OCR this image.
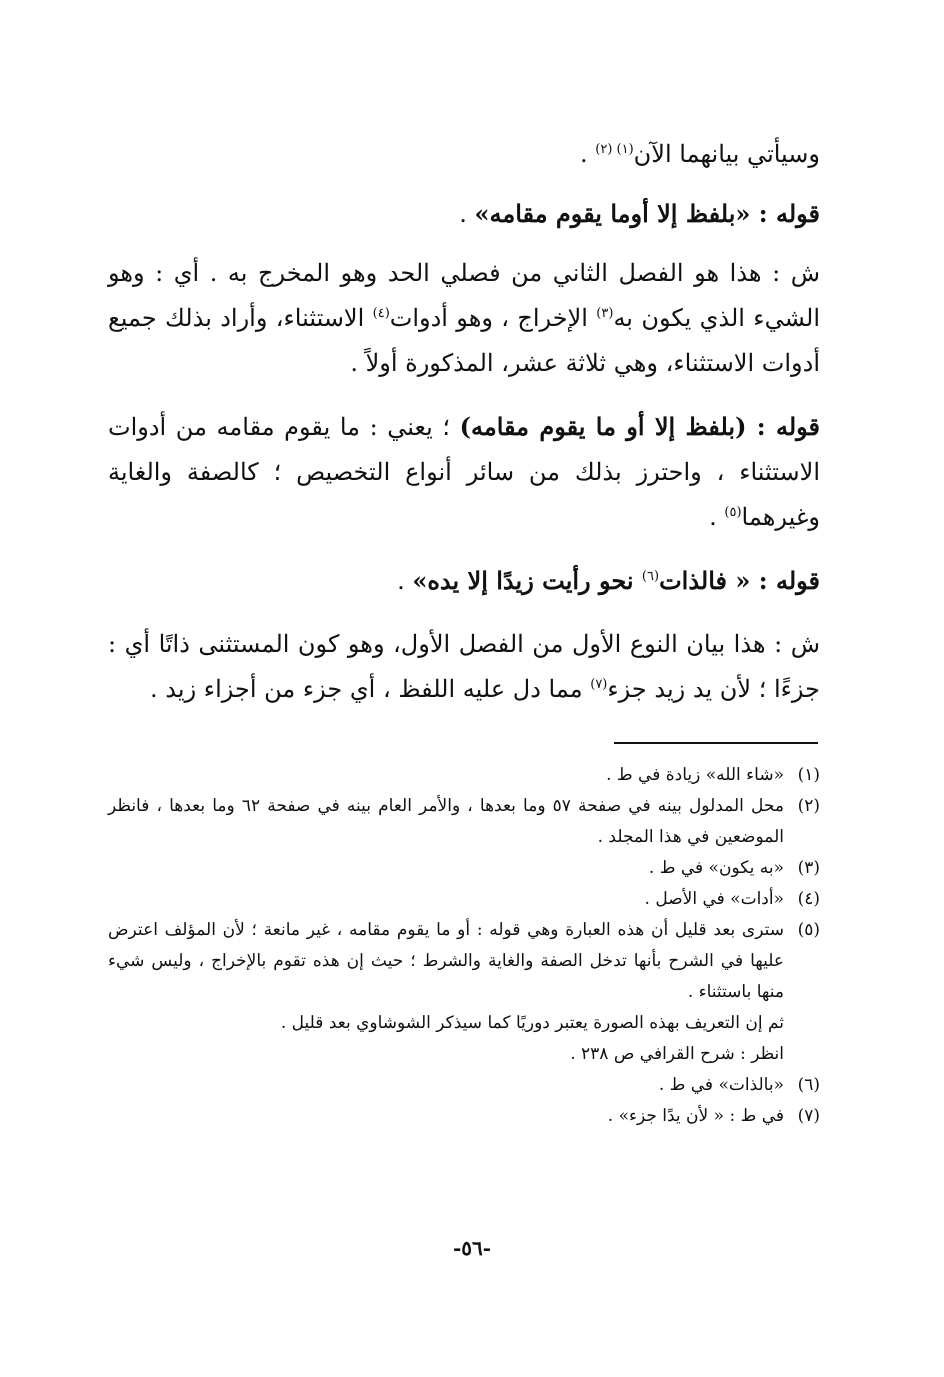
وسيأتي بيانهما الآن$^{(١) (٢)}$ .

قوله : «بلفظ إلا أوما يقوم مقامه» .

ش : هذا هو الفصل الثاني من فصلي الحد وهو المخرج به . أي : وهو الشيء الذي يكون به$^{(٣)}$ الإخراج ، وهو أدوات$^{(٤)}$ الاستثناء، وأراد بذلك جميع أدوات الاستثناء، وهي ثلاثة عشر، المذكورة أولاً .

قوله : (بلفظ إلا أو ما يقوم مقامه) ؛ يعني : ما يقوم مقامه من أدوات الاستثناء ، واحترز بذلك من سائر أنواع التخصيص ؛ كالصفة والغاية وغيرهما$^{(٥)}$ .

قوله : « فالذات$^{(٦)}$ نحو رأيت زيدًا إلا يده» .

ش : هذا بيان النوع الأول من الفصل الأول، وهو كون المستثنى ذاتًا أي : جزءًا ؛ لأن يد زيد جزء$^{(٧)}$ مما دل عليه اللفظ ، أي جزء من أجزاء زيد .

(١)
«شاء الله» زيادة في ط .
(٢)
محل المدلول بينه في صفحة ٥٧ وما بعدها ، والأمر العام بينه في صفحة ٦٢ وما بعدها ، فانظر الموضعين في هذا المجلد .
(٣)
«به يكون» في ط .
(٤)
«أدات» في الأصل .
(٥)
سترى بعد قليل أن هذه العبارة وهي قوله : أو ما يقوم مقامه ، غير مانعة ؛ لأن المؤلف اعترض عليها في الشرح بأنها تدخل الصفة والغاية والشرط ؛ حيث إن هذه تقوم بالإخراج ، وليس شيء منها باستثناء .
ثم إن التعريف بهذه الصورة يعتبر دوريًا كما سيذكر الشوشاوي بعد قليل .
انظر : شرح القرافي ص ٢٣٨ .
(٦)
«بالذات» في ط .
(٧)
في ط : « لأن يدًا جزء» .
-٥٦-
